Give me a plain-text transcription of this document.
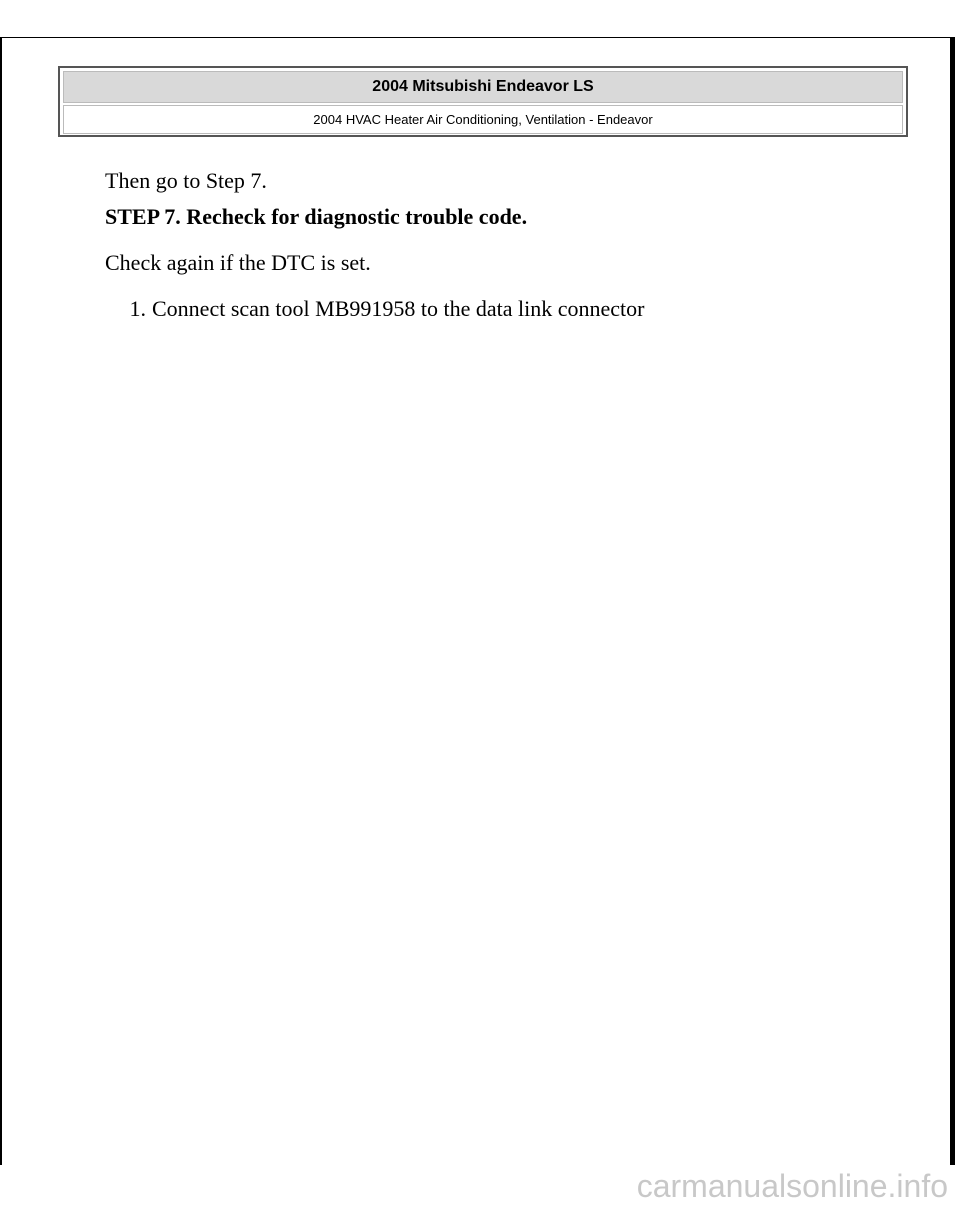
2004 Mitsubishi Endeavor LS
2004 HVAC Heater Air Conditioning, Ventilation - Endeavor

Then go to Step 7.

STEP 7. Recheck for diagnostic trouble code.

Check again if the DTC is set.

1. Connect scan tool MB991958 to the data link connector
carmanualsonline.info
